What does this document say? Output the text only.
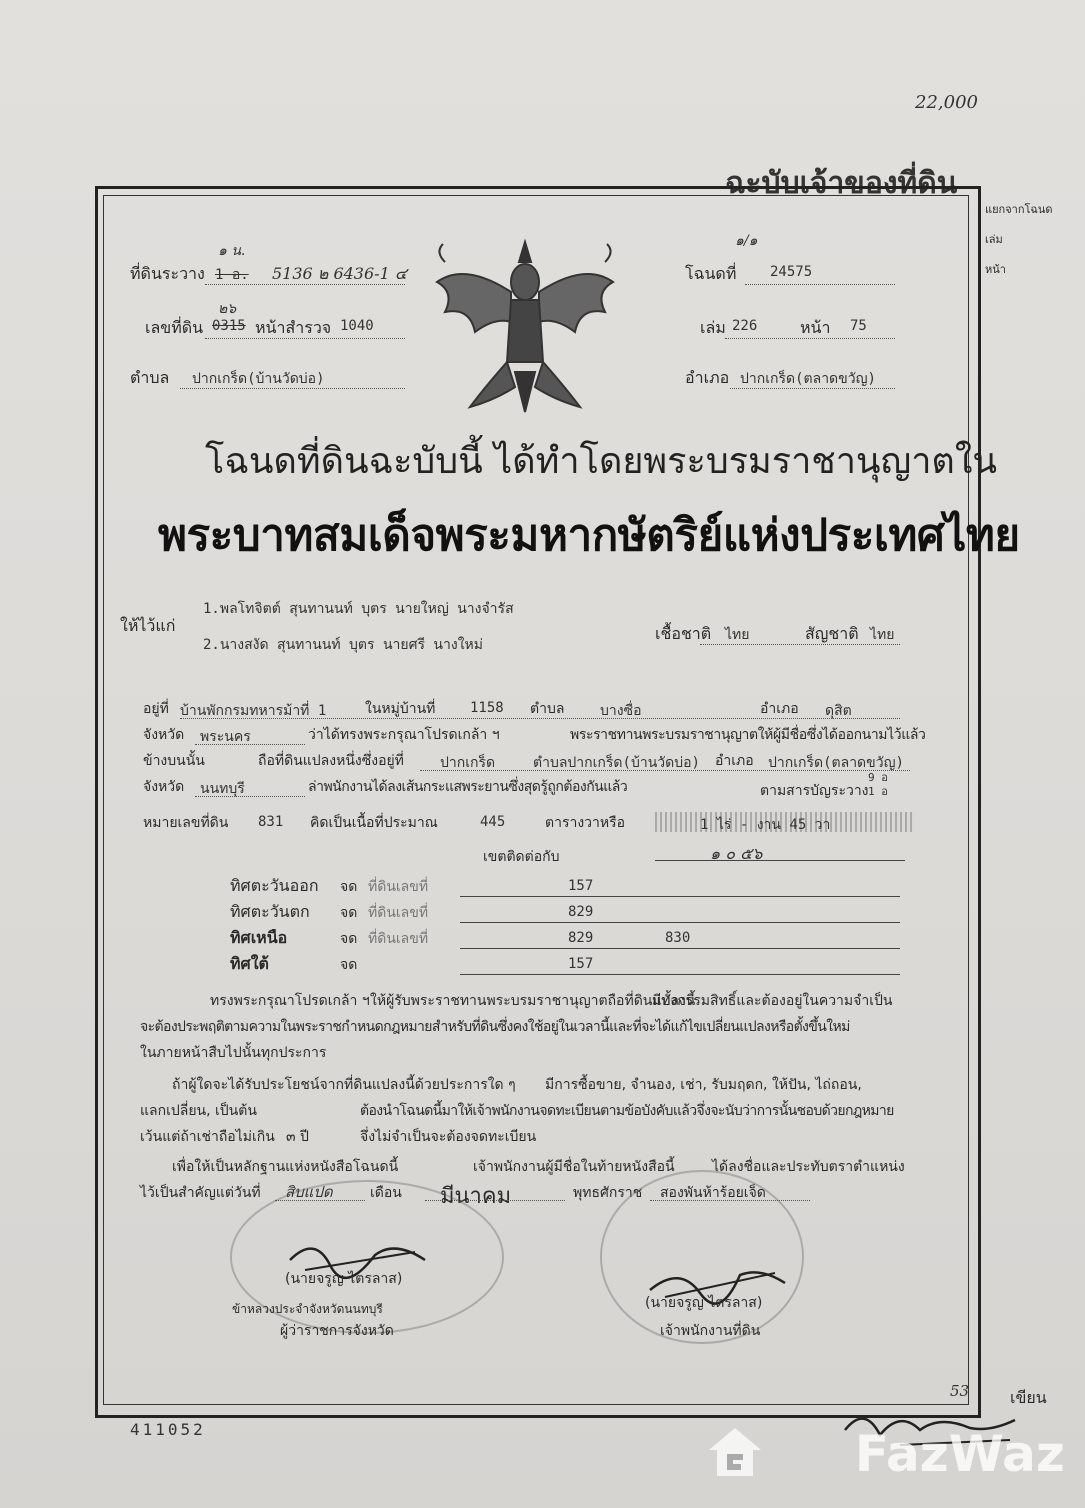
22,000
ฉะบับเจ้าของที่ดิน
แยกจากโฉนด
เล่ม
หน้า
ที่ดินระวาง
๑ น.
1 อ. 5136 ๒ 6436-1 ๔
เลขที่ดิน
๒๖
0315 หน้าสำรวจ 1040
ตำบล ปากเกร็ด(บ้านวัดบ่อ)
๑/๑
โฉนดที่ 24575
เล่ม 226	หน้า 75
อำเภอ ปากเกร็ด(ตลาดขวัญ)
โฉนดที่ดินฉะบับนี้ ได้ทำโดยพระบรมราชานุญาตใน
พระบาทสมเด็จพระมหากษัตริย์แห่งประเทศไทย
ให้ไว้แก่
1.พลโทจิตต์ สุนทานนท์ บุตร นายใหญ่ นางจำรัส
2.นางสงัด สุนทานนท์ บุตร นายศรี นางใหม่
เชื้อชาติ ไทย	สัญชาติ ไทย
อยู่ที่ บ้านพักกรมทหารม้าที่ 1	ในหมู่บ้านที่ 1158 ตำบล	บางซื่อ	อำเภอ ดุสิต
จังหวัด พระนคร	ว่าได้ทรงพระกรุณาโปรดเกล้า ฯ	พระราชทานพระบรมราชานุญาตให้ผู้มีชื่อซึ่งได้ออกนามไว้แล้ว
ข้างบนนั้น	ถือที่ดินแปลงหนึ่งซึ่งอยู่ที่	ปากเกร็ด	ตำบลปากเกร็ด(บ้านวัดบ่อ) อำเภอ ปากเกร็ด(ตลาดขวัญ)
จังหวัด นนทบุรี	ล่าพนักงานได้ลงเส้นกระแสพระยานซึ่งสุดรู้ถูกต้องกันแล้ว	ตามสารบัญระวาง
9 อ
1 อ
หมายเลขที่ดิน 831 คิดเป็นเนื้อที่ประมาณ	445	ตารางวาหรือ	1 ไร่ - งาน 45 วา
๑ ๐ ๕๖
เขตติดต่อกับ
ทิศตะวันออก จด ที่ดินเลขที่	157
ทิศตะวันตก จด ที่ดินเลขที่	829
ทิศเหนือ	จด ที่ดินเลขที่	829	830
ทิศใต้	จด	157
ทรงพระกรุณาโปรดเกล้า ฯ ให้ผู้รับพระราชทานพระบรมราชานุญาตถือที่ดินแปลงนี้
มีทั้งกรรมสิทธิ์และต้องอยู่ในความจำเป็น
จะต้องประพฤติตามความในพระราชกำหนดกฎหมายสำหรับที่ดินซึ่งคงใช้อยู่ในเวลานี้และที่จะได้แก้ไขเปลี่ยนแปลงหรือตั้งขึ้นใหม่
ในภายหน้าสืบไปนั้นทุกประการ
ถ้าผู้ใดจะได้รับประโยชน์จากที่ดินแปลงนี้ด้วยประการใด ๆ มีการซื้อขาย, จำนอง, เช่า, รับมฤดก, ให้ปัน, ไถ่ถอน,
แลกเปลี่ยน, เป็นต้น	ต้องนำโฉนดนี้มาให้เจ้าพนักงานจดทะเบียนตามข้อบังคับแล้วจึ่งจะนับว่าการนั้นชอบด้วยกฎหมาย
เว้นแต่ถ้าเช่าถือไม่เกิน ๓ ปี	จึ่งไม่จำเป็นจะต้องจดทะเบียน
เพื่อให้เป็นหลักฐานแห่งหนังสือโฉนดนี้	เจ้าพนักงานผู้มีชื่อในท้ายหนังสือนี้	ได้ลงชื่อและประทับตราตำแหน่ง
ไว้เป็นสำคัญแต่วันที่ สิบแปด	เดือน มีนาคม	พุทธศักราช สองพันห้าร้อยเจ็ด
(นายจรูญ ไตรลาส)
ข้าหลวงประจำจังหวัดนนทบุรี
ผู้ว่าราชการจังหวัด
(นายจรูญ ไตรลาส)
เจ้าพนักงานที่ดิน
411052
53	เขียน
FazWaz
